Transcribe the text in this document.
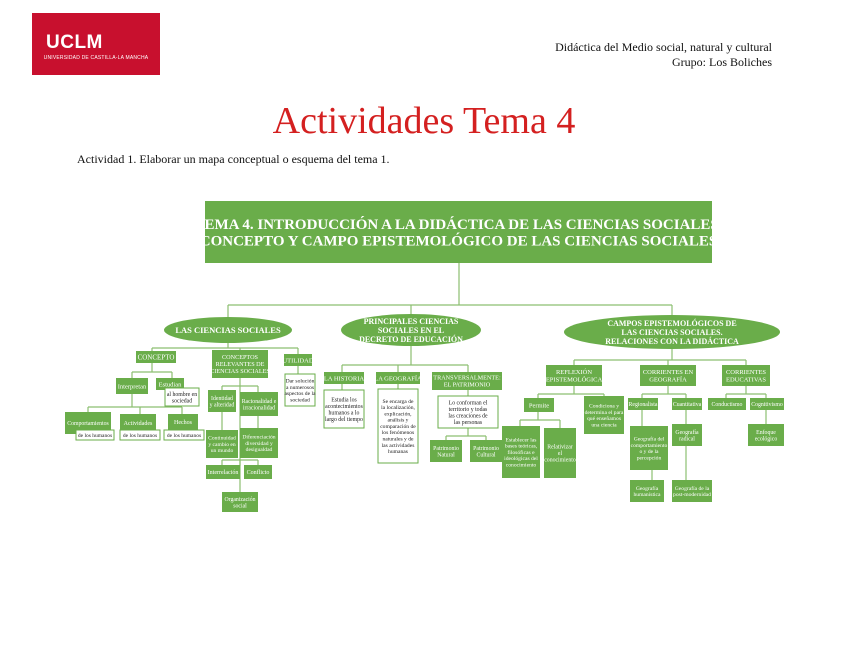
UCLM
UNIVERSIDAD DE CASTILLA-LA MANCHA
Didáctica del Medio social, natural y cultural
Grupo: Los Boliches
Actividades Tema 4
Actividad 1. Elaborar un mapa conceptual o esquema del tema 1.
TEMA 4. INTRODUCCIÓN A LA DIDÁCTICA DE LAS CIENCIAS SOCIALES. CONCEPTO Y CAMPO EPISTEMOLÓGICO DE LAS CIENCIAS SOCIALES
LAS CIENCIAS SOCIALES
PRINCIPALES CIENCIAS SOCIALES EN EL DECRETO DE EDUCACIÓN
CAMPOS EPISTEMOLÓGICOS DE LAS CIENCIAS SOCIALES. RELACIONES CON LA DIDÁCTICA
CONCEPTO	CONCEPTOS RELEVANTES DE CIENCIAS SOCIALES
UTILIDAD
Interpretan Estudian
al hombre en sociedad
Comportamientos Actividades	Hechos
de los humanos de los humanos de los humanos
Identidad y alteridad
Racionalidad e irracionalidad
Continuidad y cambio en un mundo
Diferenciación diversidad y desigualdad
Interrelación Conflicto
Organización social
Dar solución a numerosos aspectos de la sociedad
LA HISTORIA
Estudia los acontecimientos humanos a lo largo del tiempo
LA GEOGRAFÍA
Se encarga de la localización, explicación, análisis y comparación de los fenómenos naturales y de las actividades humanas
TRANSVERSALMENTE: EL PATRIMONIO
Lo conforman el territorio y todas las creaciones de las personas
Patrimonio Natural
Patrimonio Cultural
REFLEXIÓN EPISTEMOLÓGICA
CORRIENTES EN GEOGRAFÍA
CORRIENTES EDUCATIVAS
Permite	Condiciona y determina el para qué enseñamos una ciencia
Establecer las bases teóricas, filosóficas e ideológicas del conocimiento
Relativizar el conocimiento
Regionalista	Cuantitativa
Geografía del comportamiento o y de la percepción
Geografía radical
Geografía humanística
Geografía de la post-modernidad
Conductismo Cognitivismo
Enfoque ecológico
